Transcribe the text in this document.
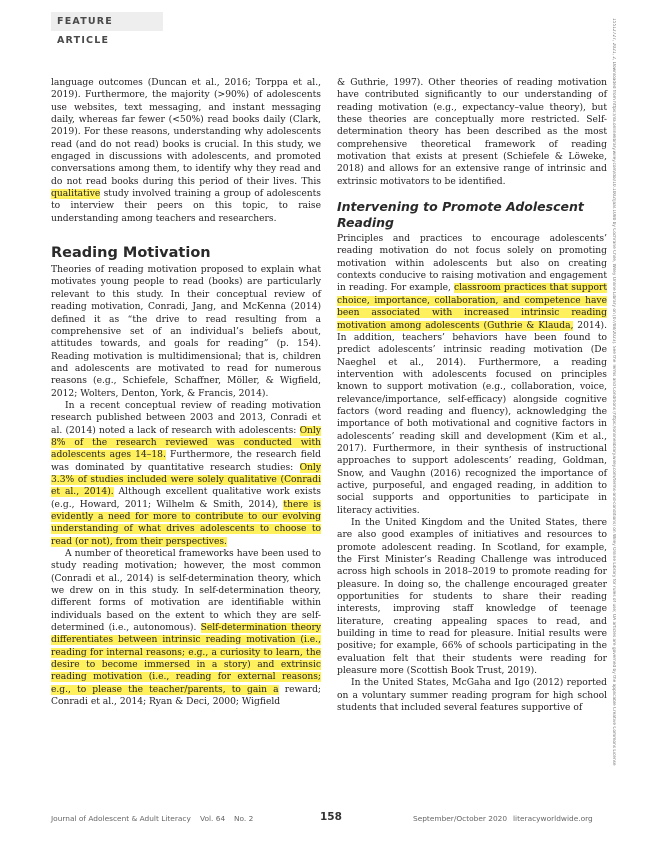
FEATURE ARTICLE	15512727, 2021, 2, Downloaded from https://ila.onlinelibrary.wiley.com/doi/10.1002/jaal.1080 by Cochrane Chile, Wiley Online Library on [07/08/2023]. See the Terms and Conditions (https://onlinelibrary.wiley.com/terms-and-conditions) on Wiley Online Library for rules of use; OA articles are governed by the applicable Creative Commons License

language outcomes (Duncan et al., 2016; Torppa et al., 2019). Furthermore, the majority (>90%) of adolescents use websites, text messaging, and instant messaging daily, whereas far fewer (<50%) read books daily (Clark, 2019). For these reasons, understanding why adolescents read (and do not read) books is crucial. In this study, we engaged in discussions with adolescents, and promoted conversations among them, to identify why they read and do not read books during this period of their lives. This qualitative study involved training a group of adolescents to interview their peers on this topic, to raise understanding among teachers and researchers.

Reading Motivation

Theories of reading motivation proposed to explain what motivates young people to read (books) are particularly relevant to this study. In their conceptual review of reading motivation, Conradi, Jang, and McKenna (2014) defined it as “the drive to read resulting from a comprehensive set of an individual’s beliefs about, attitudes towards, and goals for reading” (p. 154). Reading motivation is multidimensional; that is, children and adolescents are motivated to read for numerous reasons (e.g., Schiefele, Schaffner, Möller, & Wigfield, 2012; Wolters, Denton, York, & Francis, 2014).

In a recent conceptual review of reading motivation research published between 2003 and 2013, Conradi et al. (2014) noted a lack of research with adolescents: Only 8% of the research reviewed was conducted with adolescents ages 14–18. Furthermore, the research field was dominated by quantitative research studies: Only 3.3% of studies included were solely qualitative (Conradi et al., 2014). Although excellent qualitative work exists (e.g., Howard, 2011; Wilhelm & Smith, 2014), there is evidently a need for more to contribute to our evolving understanding of what drives adolescents to choose to read (or not), from their perspectives.

A number of theoretical frameworks have been used to study reading motivation; however, the most common (Conradi et al., 2014) is self-determination theory, which we drew on in this study. In self-determination theory, different forms of motivation are identifiable within individuals based on the extent to which they are self-determined (i.e., autonomous). Self-determination theory differentiates between intrinsic reading motivation (i.e., reading for internal reasons; e.g., a curiosity to learn, the desire to become immersed in a story) and extrinsic reading motivation (i.e., reading for external reasons; e.g., to please the teacher/parents, to gain a reward; Conradi et al., 2014; Ryan & Deci, 2000; Wigfield

& Guthrie, 1997). Other theories of reading motivation have contributed significantly to our understanding of reading motivation (e.g., expectancy–value theory), but these theories are conceptually more restricted. Self-determination theory has been described as the most comprehensive theoretical framework of reading motivation that exists at present (Schiefele & Löweke, 2018) and allows for an extensive range of intrinsic and extrinsic motivators to be identified.

Intervening to Promote Adolescent Reading

Principles and practices to encourage adolescents’ reading motivation do not focus solely on promoting motivation within adolescents but also on creating contexts conducive to raising motivation and engagement in reading. For example, classroom practices that support choice, importance, collaboration, and competence have been associated with increased intrinsic reading motivation among adolescents (Guthrie & Klauda, 2014). In addition, teachers’ behaviors have been found to predict adolescents’ intrinsic reading motivation (De Naeghel et al., 2014). Furthermore, a reading intervention with adolescents focused on principles known to support motivation (e.g., collaboration, voice, relevance/importance, self-efficacy) alongside cognitive factors (word reading and fluency), acknowledging the importance of both motivational and cognitive factors in adolescents’ reading skill and development (Kim et al., 2017). Furthermore, in their synthesis of instructional approaches to support adolescents’ reading, Goldman, Snow, and Vaughn (2016) recognized the importance of active, purposeful, and engaged reading, in addition to social supports and opportunities to participate in literacy activities.

In the United Kingdom and the United States, there are also good examples of initiatives and resources to promote adolescent reading. In Scotland, for example, the First Minister’s Reading Challenge was introduced across high schools in 2018–2019 to promote reading for pleasure. In doing so, the challenge encouraged greater opportunities for students to share their reading interests, improving staff knowledge of teenage literature, creating appealing spaces to read, and building in time to read for pleasure. Initial results were positive; for example, 66% of schools participating in the evaluation felt that their students were reading for pleasure more (Scottish Book Trust, 2019).

In the United States, McGaha and Igo (2012) reported on a voluntary summer reading program for high school students that included several features supportive of

Journal of Adolescent & Adult Literacy Vol. 64 No. 2	158	September/October 2020 literacyworldwide.org
